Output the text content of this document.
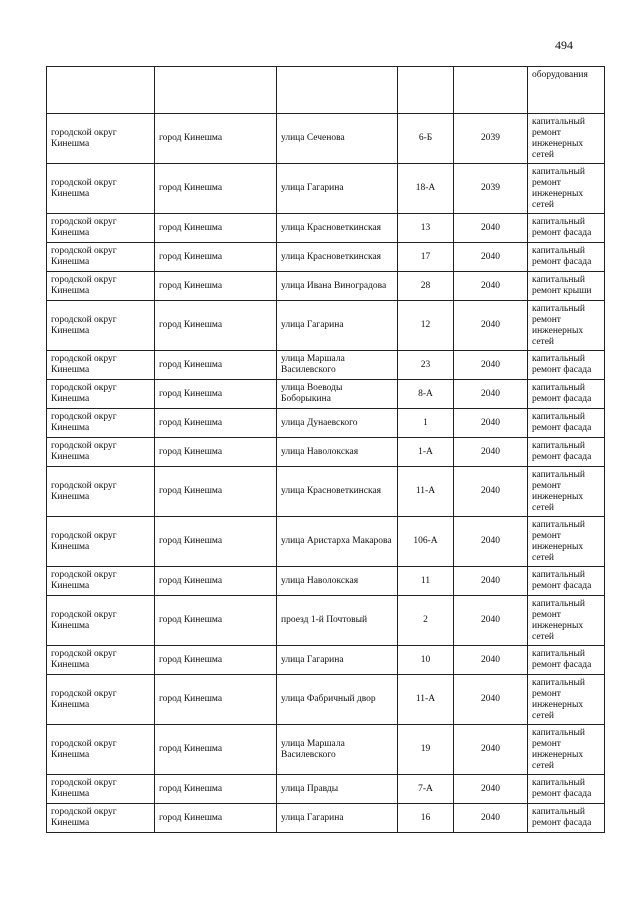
494
					оборудования
городской округ Кинешма	город Кинешма	улица Сеченова	6-Б	2039	капитальный ремонт инженерных сетей
городской округ Кинешма	город Кинешма	улица Гагарина	18-А	2039	капитальный ремонт инженерных сетей
городской округ Кинешма	город Кинешма	улица Красноветкинская	13	2040	капитальный ремонт фасада
городской округ Кинешма	город Кинешма	улица Красноветкинская	17	2040	капитальный ремонт фасада
городской округ Кинешма	город Кинешма	улица Ивана Виноградова	28	2040	капитальный ремонт крыши
городской округ Кинешма	город Кинешма	улица Гагарина	12	2040	капитальный ремонт инженерных сетей
городской округ Кинешма	город Кинешма	улица Маршала Василевского	23	2040	капитальный ремонт фасада
городской округ Кинешма	город Кинешма	улица Воеводы Боборыкина	8-А	2040	капитальный ремонт фасада
городской округ Кинешма	город Кинешма	улица Дунаевского	1	2040	капитальный ремонт фасада
городской округ Кинешма	город Кинешма	улица Наволокская	1-А	2040	капитальный ремонт фасада
городской округ Кинешма	город Кинешма	улица Красноветкинская	11-А	2040	капитальный ремонт инженерных сетей
городской округ Кинешма	город Кинешма	улица Аристарха Макарова	106-А	2040	капитальный ремонт инженерных сетей
городской округ Кинешма	город Кинешма	улица Наволокская	11	2040	капитальный ремонт фасада
городской округ Кинешма	город Кинешма	проезд 1-й Почтовый	2	2040	капитальный ремонт инженерных сетей
городской округ Кинешма	город Кинешма	улица Гагарина	10	2040	капитальный ремонт фасада
городской округ Кинешма	город Кинешма	улица Фабричный двор	11-А	2040	капитальный ремонт инженерных сетей
городской округ Кинешма	город Кинешма	улица Маршала Василевского	19	2040	капитальный ремонт инженерных сетей
городской округ Кинешма	город Кинешма	улица Правды	7-А	2040	капитальный ремонт фасада
городской округ Кинешма	город Кинешма	улица Гагарина	16	2040	капитальный ремонт фасада
